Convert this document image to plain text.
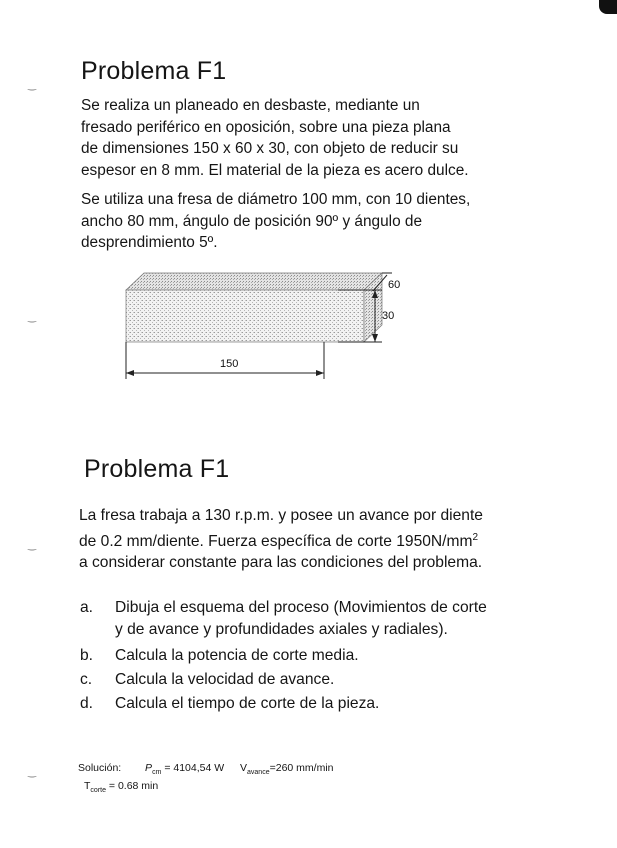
‿
‿
‿
‿
Problema F1
Se realiza un planeado en desbaste, mediante un
fresado periférico en oposición, sobre una pieza plana
de dimensiones 150 x 60 x 30, con objeto de reducir su
espesor en 8 mm. El material de la pieza es acero dulce.
Se utiliza una fresa de diámetro 100 mm, con 10 dientes,
ancho 80 mm, ángulo de posición 90º y ángulo de
desprendimiento 5º.
150
30
60
Problema F1
La fresa trabaja a 130 r.p.m. y posee un avance por diente
de 0.2 mm/diente. Fuerza específica de corte $1950N/mm^2$
a considerar constante para las condiciones del problema.
a.	Dibuja el esquema del proceso (Movimientos de corte
y de avance y profundidades axiales y radiales).
b.	Calcula la potencia de corte media.
c.	Calcula la velocidad de avance.
d.	Calcula el tiempo de corte de la pieza.
Solución: $P_{cm} = 4104,54$ W $V_{avance}=260$ mm/min
$T_{corte} = 0.68$ min
